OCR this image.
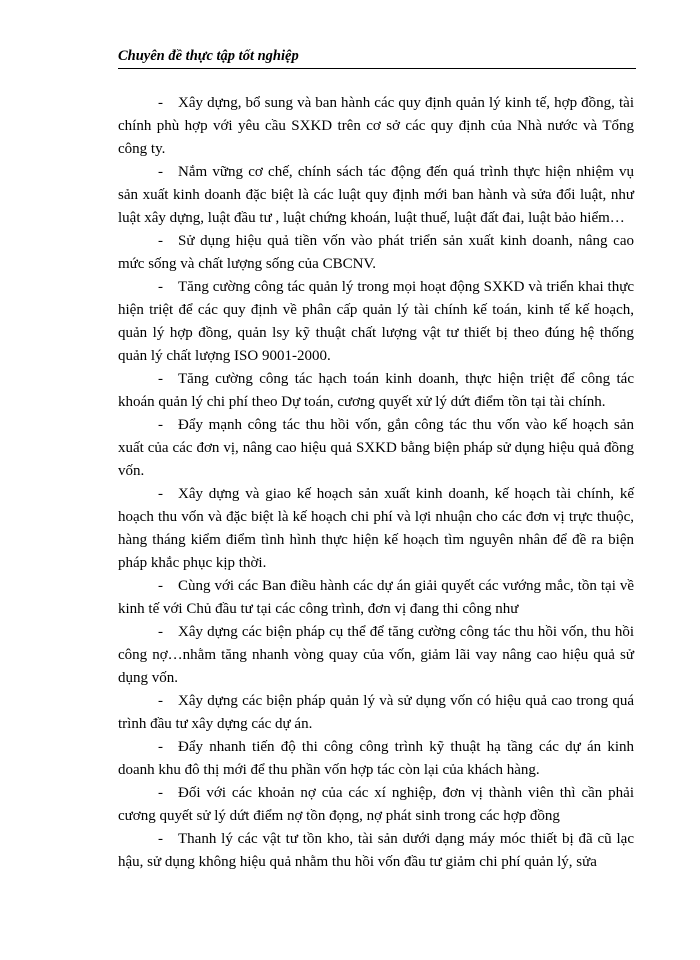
Chuyên đề thực tập tốt nghiệp

- Xây dựng, bổ sung và ban hành các quy định quản lý kinh tế, hợp đồng, tài chính phù hợp với yêu cầu SXKD trên cơ sở các quy định của Nhà nước và Tổng công ty.

- Nắm vững cơ chế, chính sách tác động đến quá trình thực hiện nhiệm vụ sản xuất kinh doanh đặc biệt là các luật quy định mới ban hành và sửa đổi luật, như luật xây dựng, luật đầu tư , luật chứng khoán, luật thuế, luật đất đai, luật bảo hiểm…

- Sử dụng hiệu quả tiền vốn vào phát triển sản xuất kinh doanh, nâng cao mức sống và chất lượng sống của CBCNV.

- Tăng cường công tác quản lý trong mọi hoạt động SXKD và triển khai thực hiện triệt để các quy định về phân cấp quản lý tài chính kế toán, kinh tế kế hoạch, quản lý hợp đồng, quản lsy kỹ thuật chất lượng vật tư thiết bị theo đúng hệ thống quản lý chất lượng ISO 9001-2000.

- Tăng cường công tác hạch toán kinh doanh, thực hiện triệt để công tác khoán quản lý chi phí theo Dự toán, cương quyết xử lý dứt điểm tồn tại tài chính.

- Đẩy mạnh công tác thu hồi vốn, gắn công tác thu vốn vào kế hoạch sản xuất của các đơn vị, nâng cao hiệu quả SXKD bằng biện pháp sử dụng hiệu quả đồng vốn.

- Xây dựng và giao kế hoạch sản xuất kinh doanh, kế hoạch tài chính, kế hoạch thu vốn và đặc biệt là kế hoạch chi phí và lợi nhuận cho các đơn vị trực thuộc, hàng tháng kiểm điểm tình hình thực hiện kế hoạch tìm nguyên nhân để đề ra biện pháp khắc phục kịp thời.

- Cùng với các Ban điều hành các dự án giải quyết các vướng mắc, tồn tại về kinh tế với Chủ đầu tư tại các công trình, đơn vị đang thi công như

- Xây dựng các biện pháp cụ thể để tăng cường công tác thu hồi vốn, thu hồi công nợ…nhằm tăng nhanh vòng quay của vốn, giảm lãi vay nâng cao hiệu quả sử dụng vốn.

- Xây dựng các biện pháp quản lý và sử dụng vốn có hiệu quả cao trong quá trình đầu tư xây dựng các dự án.

- Đẩy nhanh tiến độ thi công công trình kỹ thuật hạ tầng các dự án kinh doanh khu đô thị mới để thu phần vốn hợp tác còn lại của khách hàng.

- Đối với các khoản nợ của các xí nghiệp, đơn vị thành viên thì cần phải cương quyết sử lý dứt điểm nợ tồn đọng, nợ phát sinh trong các hợp đồng

- Thanh lý các vật tư tồn kho, tài sản dưới dạng máy móc thiết bị đã cũ lạc hậu, sử dụng không hiệu quả nhằm thu hồi vốn đầu tư giảm chi phí quản lý, sửa
